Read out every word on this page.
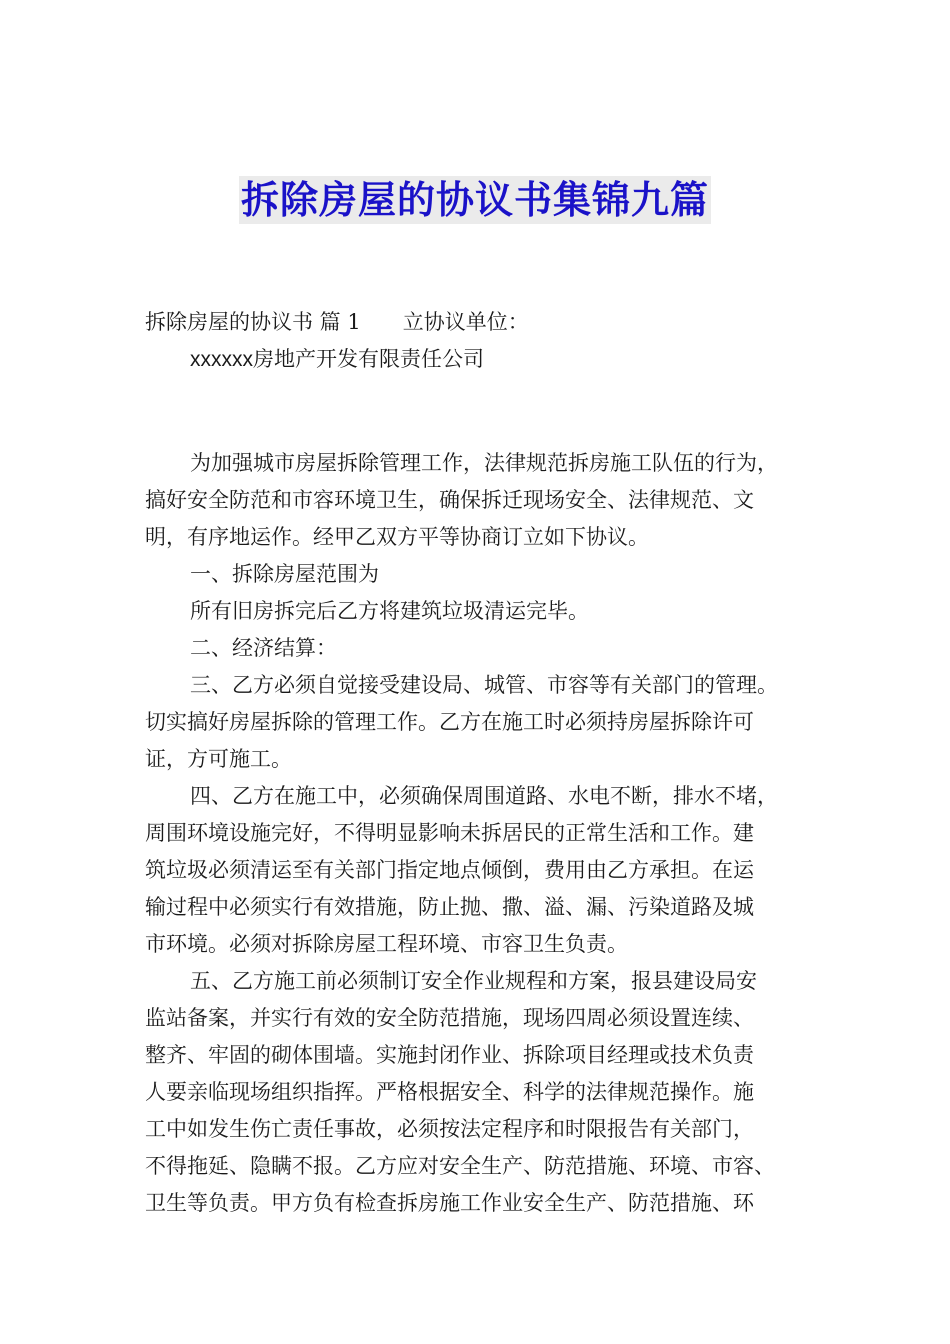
拆除房屋的协议书集锦九篇
拆除房屋的协议书 篇 1 立协议单位：
xxxxxx房地产开发有限责任公司
为加强城市房屋拆除管理工作，法律规范拆房施工队伍的行为，
搞好安全防范和市容环境卫生，确保拆迁现场安全、法律规范、文
明，有序地运作。经甲乙双方平等协商订立如下协议。
一、拆除房屋范围为
所有旧房拆完后乙方将建筑垃圾清运完毕。
二、经济结算：
三、乙方必须自觉接受建设局、城管、市容等有关部门的管理。
切实搞好房屋拆除的管理工作。乙方在施工时必须持房屋拆除许可
证，方可施工。
四、乙方在施工中，必须确保周围道路、水电不断，排水不堵，
周围环境设施完好，不得明显影响未拆居民的正常生活和工作。建
筑垃圾必须清运至有关部门指定地点倾倒，费用由乙方承担。在运
输过程中必须实行有效措施，防止抛、撒、溢、漏、污染道路及城
市环境。必须对拆除房屋工程环境、市容卫生负责。
五、乙方施工前必须制订安全作业规程和方案，报县建设局安
监站备案，并实行有效的安全防范措施，现场四周必须设置连续、
整齐、牢固的砌体围墙。实施封闭作业、拆除项目经理或技术负责
人要亲临现场组织指挥。严格根据安全、科学的法律规范操作。施
工中如发生伤亡责任事故，必须按法定程序和时限报告有关部门，
不得拖延、隐瞒不报。乙方应对安全生产、防范措施、环境、市容、
卫生等负责。甲方负有检查拆房施工作业安全生产、防范措施、环
